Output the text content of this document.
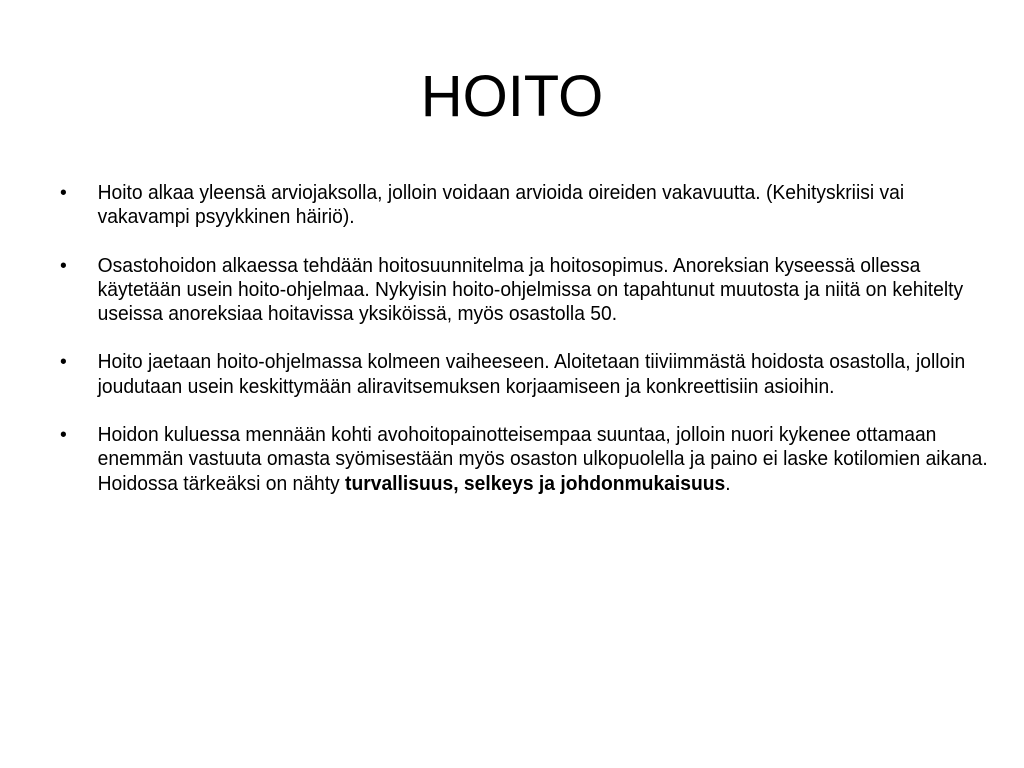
HOITO
• Hoito alkaa yleensä arviojaksolla, jolloin voidaan arvioida oireiden vakavuutta. (Kehityskriisi vai vakavampi psyykkinen häiriö).
• Osastohoidon alkaessa tehdään hoitosuunnitelma ja hoitosopimus. Anoreksian kyseessä ollessa käytetään usein hoito-ohjelmaa. Nykyisin hoito-ohjelmissa on tapahtunut muutosta ja niitä on kehitelty useissa anoreksiaa hoitavissa yksiköissä, myös osastolla 50.
• Hoito jaetaan hoito-ohjelmassa kolmeen vaiheeseen. Aloitetaan tiiviimmästä hoidosta osastolla, jolloin joudutaan usein keskittymään aliravitsemuksen korjaamiseen ja konkreettisiin asioihin.
• Hoidon kuluessa mennään kohti avohoitopainotteisempaa suuntaa, jolloin nuori kykenee ottamaan enemmän vastuuta omasta syömisestään myös osaston ulkopuolella ja paino ei laske kotilomien aikana. Hoidossa tärkeäksi on nähty turvallisuus, selkeys ja johdonmukaisuus.
